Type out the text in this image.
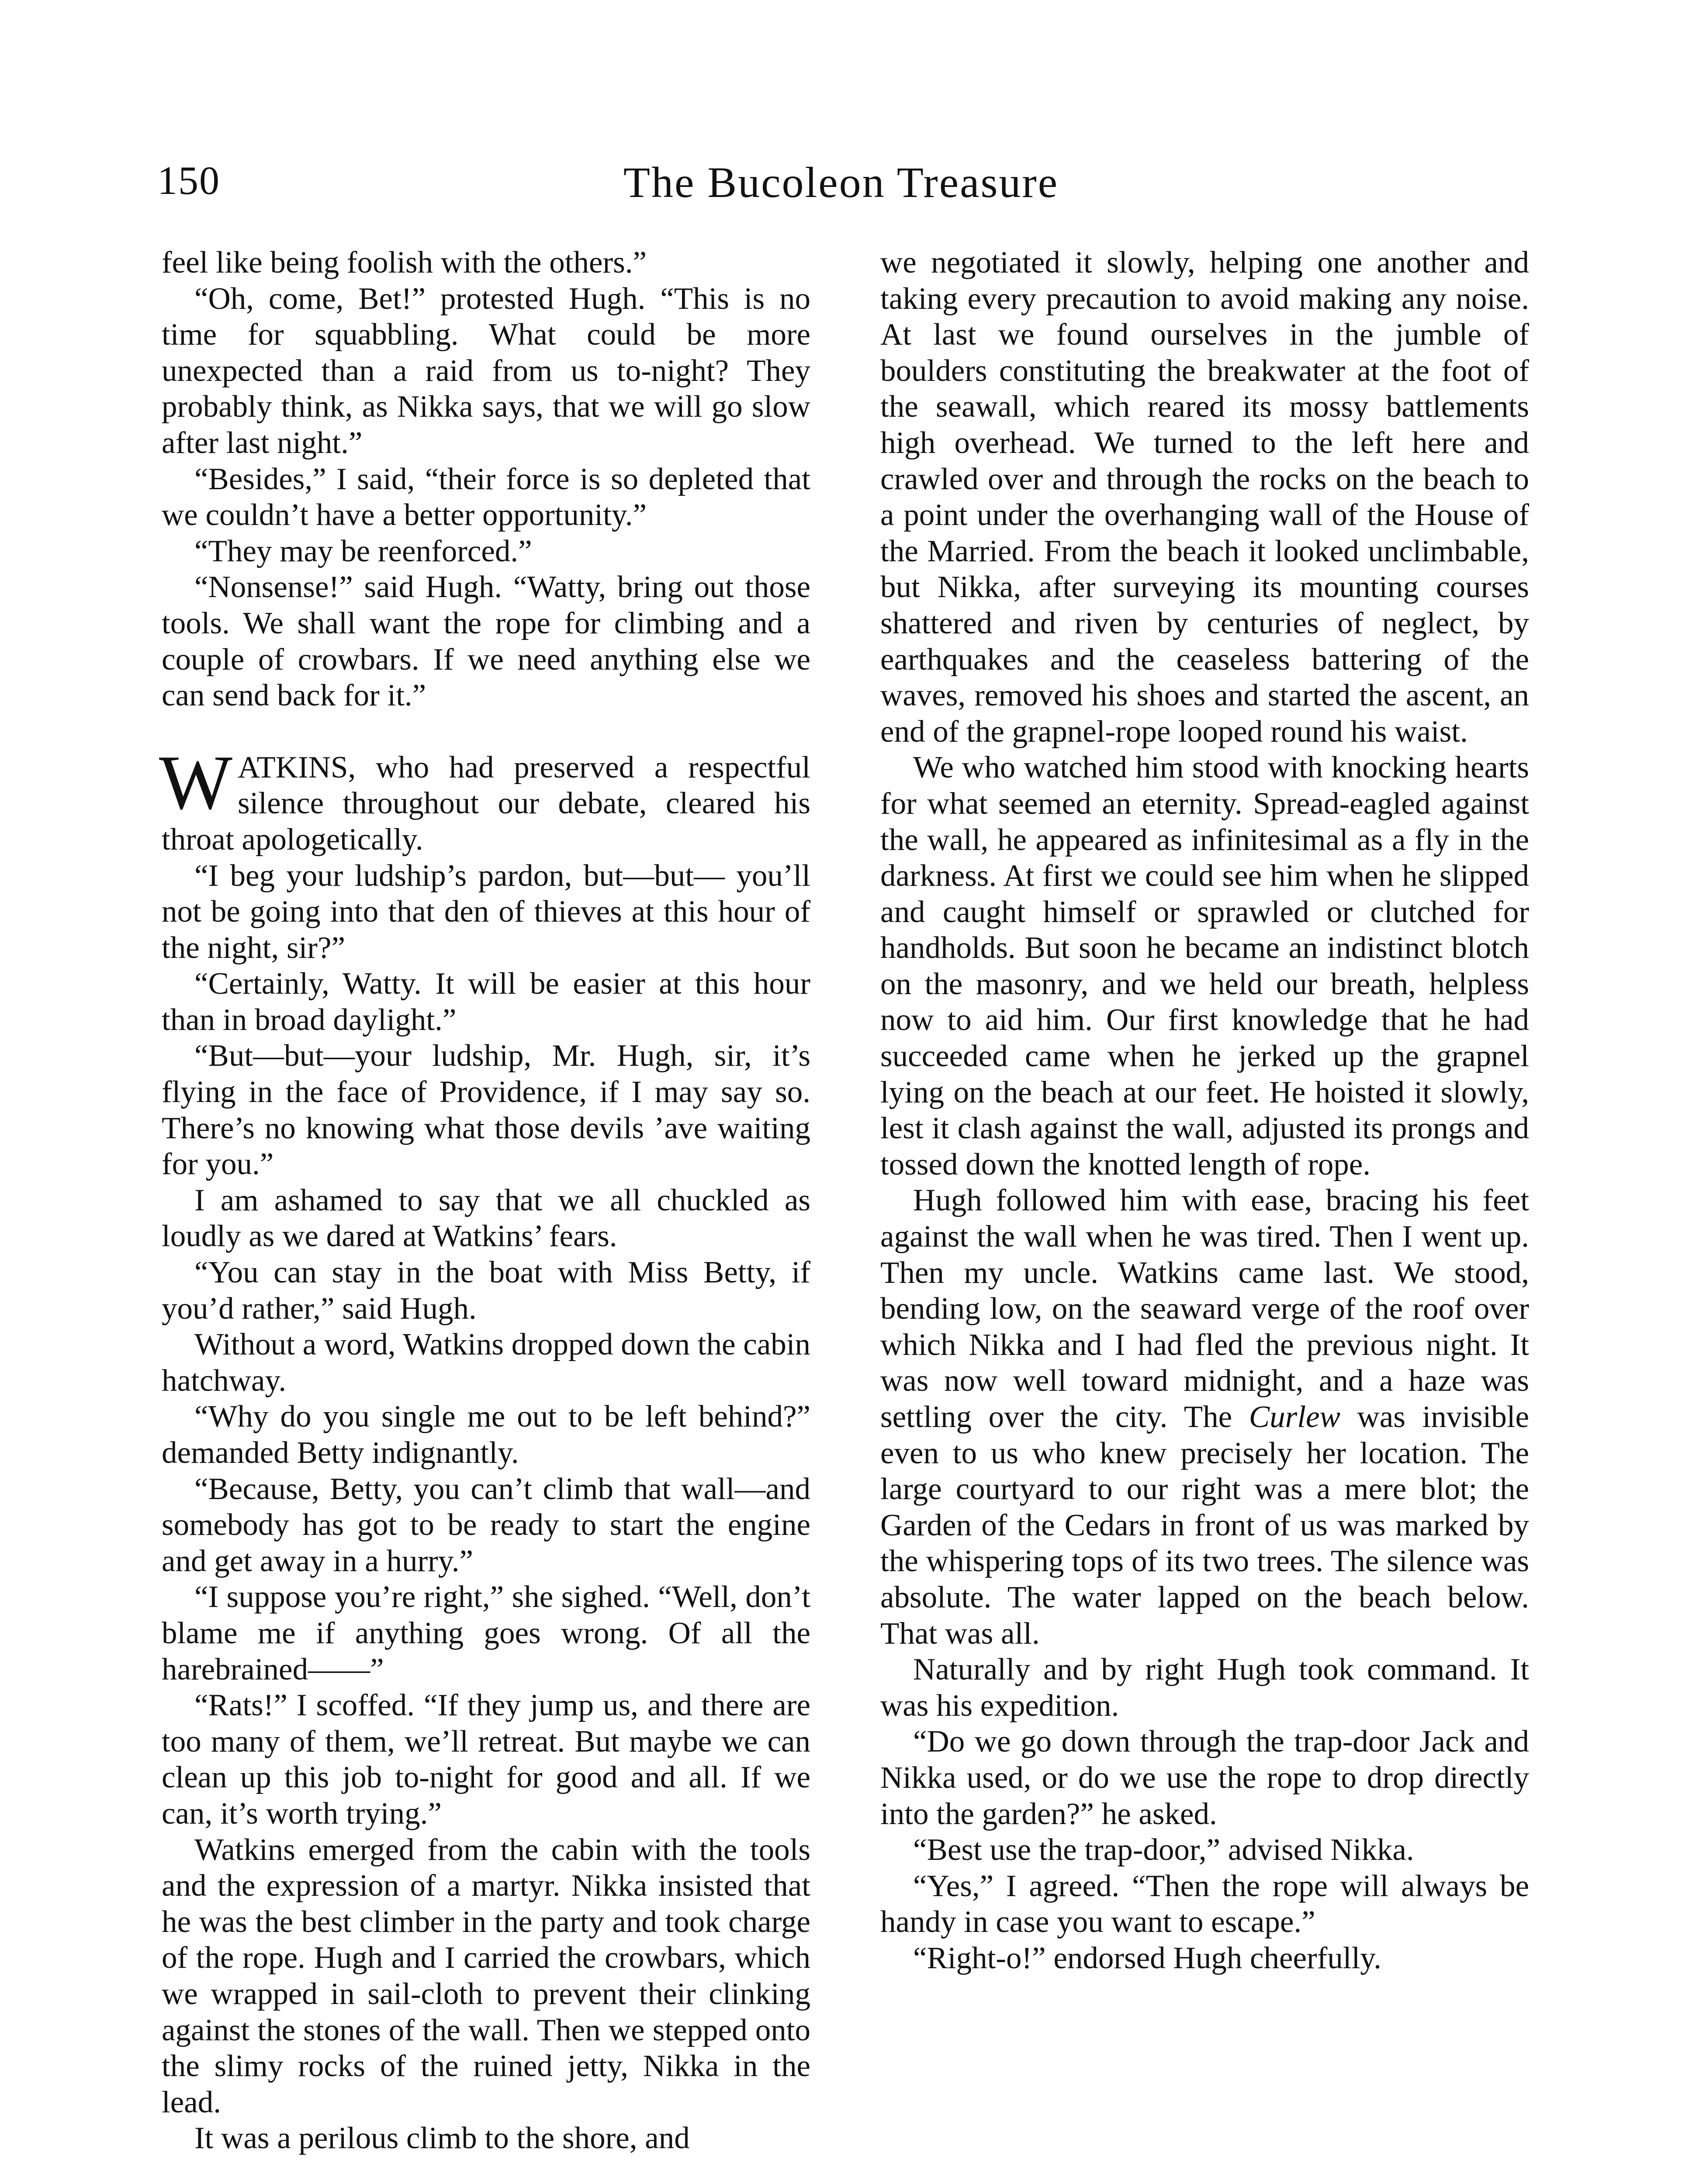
150	The Bucoleon Treasure

feel like being foolish with the others.”

“Oh, come, Bet!” protested Hugh. “This is no time for squabbling. What could be more unexpected than a raid from us to-night? They probably think, as Nikka says, that we will go slow after last night.”

“Besides,” I said, “their force is so depleted that we couldn’t have a better opportunity.”

“They may be reenforced.”

“Nonsense!” said Hugh. “Watty, bring out those tools. We shall want the rope for climbing and a couple of crowbars. If we need anything else we can send back for it.”

WATKINS, who had preserved a respectful silence throughout our debate, cleared his throat apologetically.

“I beg your ludship’s pardon, but—but— you’ll not be going into that den of thieves at this hour of the night, sir?”

“Certainly, Watty. It will be easier at this hour than in broad daylight.”

“But—but—your ludship, Mr. Hugh, sir, it’s flying in the face of Providence, if I may say so. There’s no knowing what those devils ’ave waiting for you.”

I am ashamed to say that we all chuckled as loudly as we dared at Watkins’ fears.

“You can stay in the boat with Miss Betty, if you’d rather,” said Hugh.

Without a word, Watkins dropped down the cabin hatchway.

“Why do you single me out to be left behind?” demanded Betty indignantly.

“Because, Betty, you can’t climb that wall—and somebody has got to be ready to start the engine and get away in a hurry.”

“I suppose you’re right,” she sighed. “Well, don’t blame me if anything goes wrong. Of all the harebrained——”

“Rats!” I scoffed. “If they jump us, and there are too many of them, we’ll retreat. But maybe we can clean up this job to-night for good and all. If we can, it’s worth trying.”

Watkins emerged from the cabin with the tools and the expression of a martyr. Nikka insisted that he was the best climber in the party and took charge of the rope. Hugh and I carried the crowbars, which we wrapped in sail-cloth to prevent their clinking against the stones of the wall. Then we stepped onto the slimy rocks of the ruined jetty, Nikka in the lead.

It was a perilous climb to the shore, and

we negotiated it slowly, helping one another and taking every precaution to avoid making any noise. At last we found ourselves in the jumble of boulders constituting the breakwater at the foot of the seawall, which reared its mossy battlements high overhead. We turned to the left here and crawled over and through the rocks on the beach to a point under the overhanging wall of the House of the Married. From the beach it looked unclimbable, but Nikka, after surveying its mounting courses shattered and riven by centuries of neglect, by earthquakes and the ceaseless battering of the waves, removed his shoes and started the ascent, an end of the grapnel-rope looped round his waist.

We who watched him stood with knocking hearts for what seemed an eternity. Spread-eagled against the wall, he appeared as infinitesimal as a fly in the darkness. At first we could see him when he slipped and caught himself or sprawled or clutched for handholds. But soon he became an indistinct blotch on the masonry, and we held our breath, helpless now to aid him. Our first knowledge that he had succeeded came when he jerked up the grapnel lying on the beach at our feet. He hoisted it slowly, lest it clash against the wall, adjusted its prongs and tossed down the knotted length of rope.

Hugh followed him with ease, bracing his feet against the wall when he was tired. Then I went up. Then my uncle. Watkins came last. We stood, bending low, on the seaward verge of the roof over which Nikka and I had fled the previous night. It was now well toward midnight, and a haze was settling over the city. The Curlew was invisible even to us who knew precisely her location. The large courtyard to our right was a mere blot; the Garden of the Cedars in front of us was marked by the whispering tops of its two trees. The silence was absolute. The water lapped on the beach below. That was all.

Naturally and by right Hugh took command. It was his expedition.

“Do we go down through the trap-door Jack and Nikka used, or do we use the rope to drop directly into the garden?” he asked.

“Best use the trap-door,” advised Nikka.

“Yes,” I agreed. “Then the rope will always be handy in case you want to escape.”

“Right-o!” endorsed Hugh cheerfully.
